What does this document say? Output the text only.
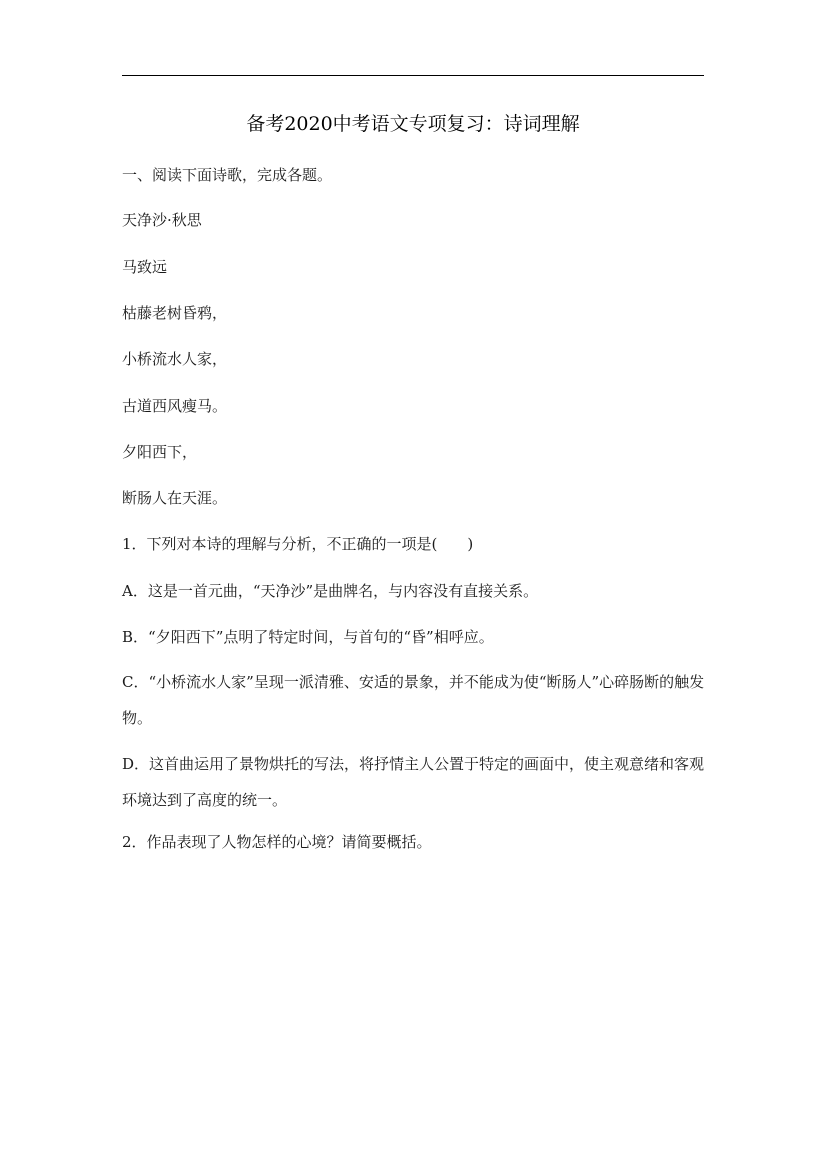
备考2020中考语文专项复习：诗词理解
一、阅读下面诗歌，完成各题。
天净沙·秋思
马致远
枯藤老树昏鸦，
小桥流水人家，
古道西风瘦马。
夕阳西下，
断肠人在天涯。
1．下列对本诗的理解与分析，不正确的一项是(　　)
A．这是一首元曲，“天净沙”是曲牌名，与内容没有直接关系。
B．“夕阳西下”点明了特定时间，与首句的“昏”相呼应。
C．“小桥流水人家”呈现一派清雅、安适的景象，并不能成为使“断肠人”心碎肠断的触发物。
D．这首曲运用了景物烘托的写法，将抒情主人公置于特定的画面中，使主观意绪和客观环境达到了高度的统一。
2．作品表现了人物怎样的心境？请简要概括。
